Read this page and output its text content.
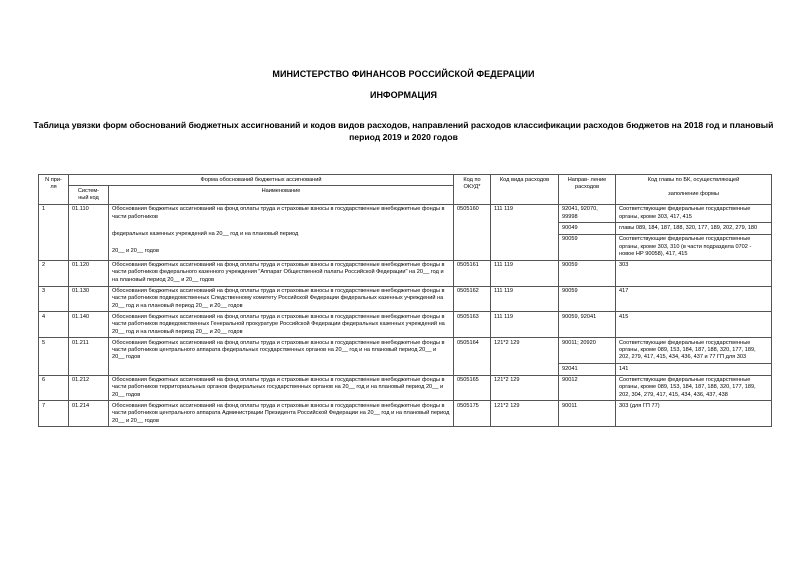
МИНИСТЕРСТВО ФИНАНСОВ РОССИЙСКОЙ ФЕДЕРАЦИИ
ИНФОРМАЦИЯ
Таблица увязки форм обоснований бюджетных ассигнований и кодов видов расходов, направлений расходов классификации расходов бюджетов на 2018 год и плановый период 2019 и 2020 годов
N при- ля	Форма обоснований бюджетных ассигнований		Код по ОКУД*	Код вида расходов	Направ- ление расходов	Код главы по БК, осуществляющей

заполнение формы
	Систем- ный код	Наименование				
1	01.110	Обоснования бюджетных ассигнований на фонд оплаты труда и страховые взносы в государственные внебюджетные фонды в части работников
федеральных казенных учреждений на 20__ год и на плановый период
20__ и 20__ годов	0505160	111 119	92041, 92070, 99998	Соответствующие федеральные государственные органы, кроме 303, 417, 415
					90049	главы 089, 184, 187, 188, 320, 177, 189, 202, 279, 180
					90059	Соответствующие федеральные государственные органы, кроме 303, 310 (в части подраздела 0702 - новое НР 90058), 417, 415
2	01.120	Обоснования бюджетных ассигнований на фонд оплаты труда и страховые взносы в государственные внебюджетные фонды в части работников федерального казенного учреждения "Аппарат Общественной палаты Российской Федерации" на 20__ год и на плановый период 20__ и 20__ годов	0505161	111 119	90059	303
3	01.130	Обоснования бюджетных ассигнований на фонд оплаты труда и страховые взносы в государственные внебюджетные фонды в части работников подведомственных Следственному комитету Российской Федерации федеральных казенных учреждений на 20__ год и на плановый период 20__ и 20__ годов	0505162	111 119	90059	417
4	01.140	Обоснования бюджетных ассигнований на фонд оплаты труда и страховые взносы в государственные внебюджетные фонды в части работников подведомственных Генеральной прокуратуре Российской Федерации федеральных казенных учреждений на 20__ год и на плановый период 20__ и 20__ годов	0505163	111 119	90059, 92041	415
5	01.211	Обоснования бюджетных ассигнований на фонд оплаты труда и страховые взносы в государственные внебюджетные фонды в части работников центрального аппарата федеральных государственных органов на 20__ год и на плановый период 20__ и 20__ годов	0505164	121*2 129	90011; 20920	Соответствующие федеральные государственные органы, кроме 089, 153, 184, 187, 188, 320, 177, 189, 202, 279, 417, 415, 434, 436, 437 и 77 ГП для 303
					92041	141
6	01.212	Обоснования бюджетных ассигнований на фонд оплаты труда и страховые взносы в государственные внебюджетные фонды в части работников территориальных органов федеральных государственных органов на 20__ год и на плановый период 20__ и 20__ годов	0505165	121*2 129	90012	Соответствующие федеральные государственные органы, кроме 089, 153, 184, 187, 188, 320, 177, 189, 202, 304, 279, 417, 415, 434, 436, 437, 438
7	01.214	Обоснования бюджетных ассигнований на фонд оплаты труда и страховые взносы в государственные внебюджетные фонды в части работников центрального аппарата Администрации Президента Российской Федерации на 20__ год и на плановый период 20__ и 20__ годов	0505175	121*2 129	90011	303 (для ГП 77)
